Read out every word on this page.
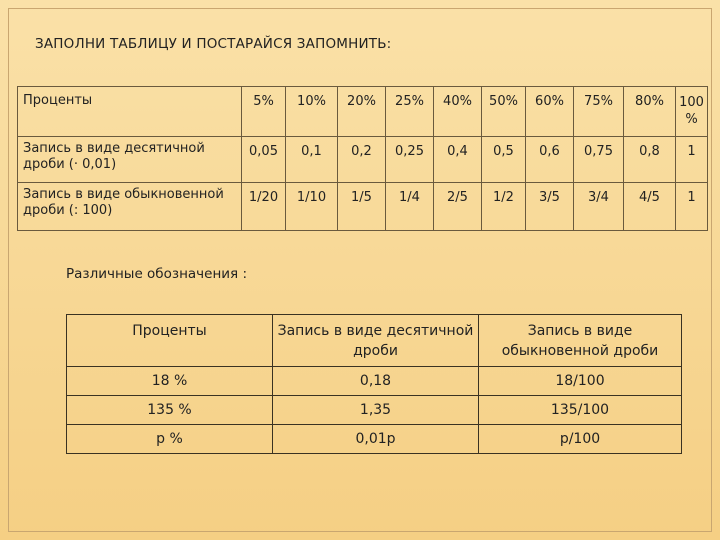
ЗАПОЛНИ ТАБЛИЦУ И ПОСТАРАЙСЯ ЗАПОМНИТЬ:
Проценты	5%	10%	20%	25%	40%	50%	60%	75%	80%	100 %
Запись в виде десятичной дроби (· 0,01)	0,05	0,1	0,2	0,25	0,4	0,5	0,6	0,75	0,8	1
Запись в виде обыкновенной дроби (: 100)	1/20	1/10	1/5	1/4	2/5	1/2	3/5	3/4	4/5	1
Различные обозначения :
Проценты	Запись в виде десятичной дроби	Запись в виде обыкновенной дроби
18 %	0,18	18/100
135 %	1,35	135/100
p %	0,01p	p/100
